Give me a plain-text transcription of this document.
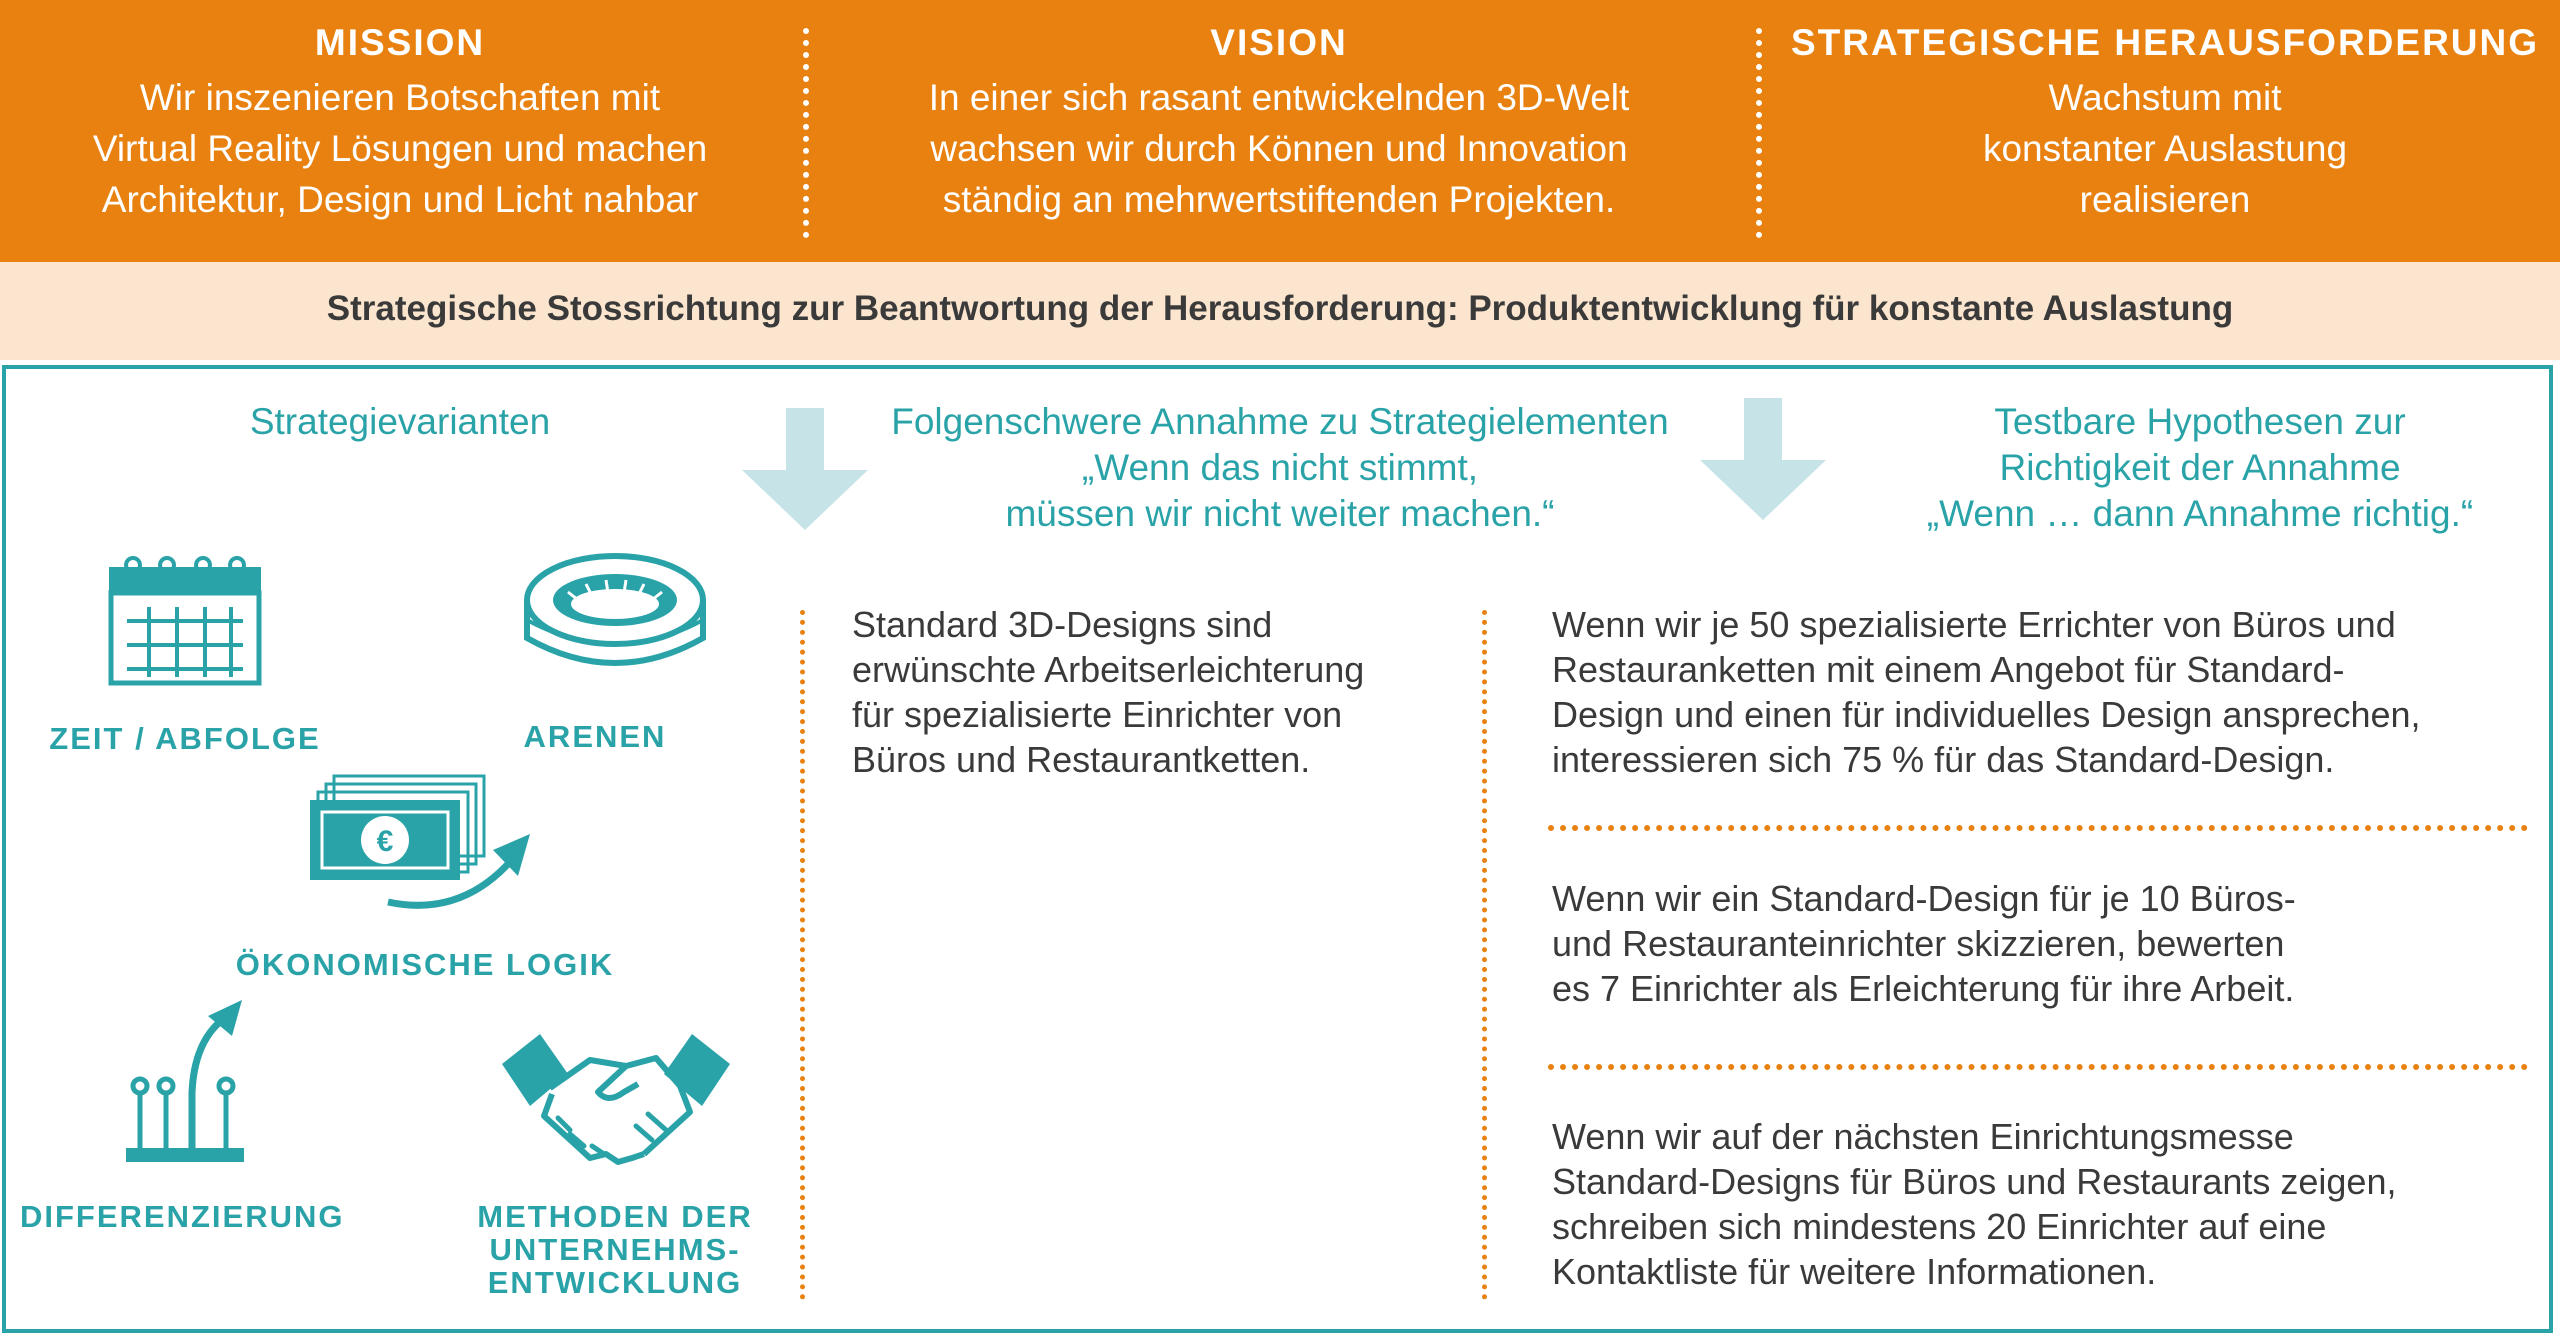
MISSION

Wir inszenieren Botschaften mit
Virtual Reality Lösungen und machen
Architektur, Design und Licht nahbar

VISION

In einer sich rasant entwickelnden 3D-Welt
wachsen wir durch Können und Innovation
ständig an mehrwertstiftenden Projekten.

STRATEGISCHE HERAUSFORDERUNG

Wachstum mit
konstanter Auslastung
realisieren

Strategische Stossrichtung zur Beantwortung der Herausforderung: Produktentwicklung für konstante Auslastung
Strategievarianten	Folgenschwere Annahme zu Strategielementen
„Wenn das nicht stimmt,
müssen wir nicht weiter machen.“
Testbare Hypothesen zur
Richtigkeit der Annahme
„Wenn … dann Annahme richtig.“
ZEIT / ABFOLGE	ARENEN
€
ÖKONOMISCHE LOGIK
DIFFERENZIERUNG	METHODEN DER
UNTERNEHMS-
ENTWICKLUNG
Standard 3D-Designs sind
erwünschte Arbeitserleichterung
für spezialisierte Einrichter von
Büros und Restaurantketten.
Wenn wir je 50 spezialisierte Errichter von Büros und
Restauranketten mit einem Angebot für Standard-
Design und einen für individuelles Design ansprechen,
interessieren sich 75 % für das Standard-Design.
Wenn wir ein Standard-Design für je 10 Büros-
und Restauranteinrichter skizzieren, bewerten
es 7 Einrichter als Erleichterung für ihre Arbeit.
Wenn wir auf der nächsten Einrichtungsmesse
Standard-Designs für Büros und Restaurants zeigen,
schreiben sich mindestens 20 Einrichter auf eine
Kontaktliste für weitere Informationen.
